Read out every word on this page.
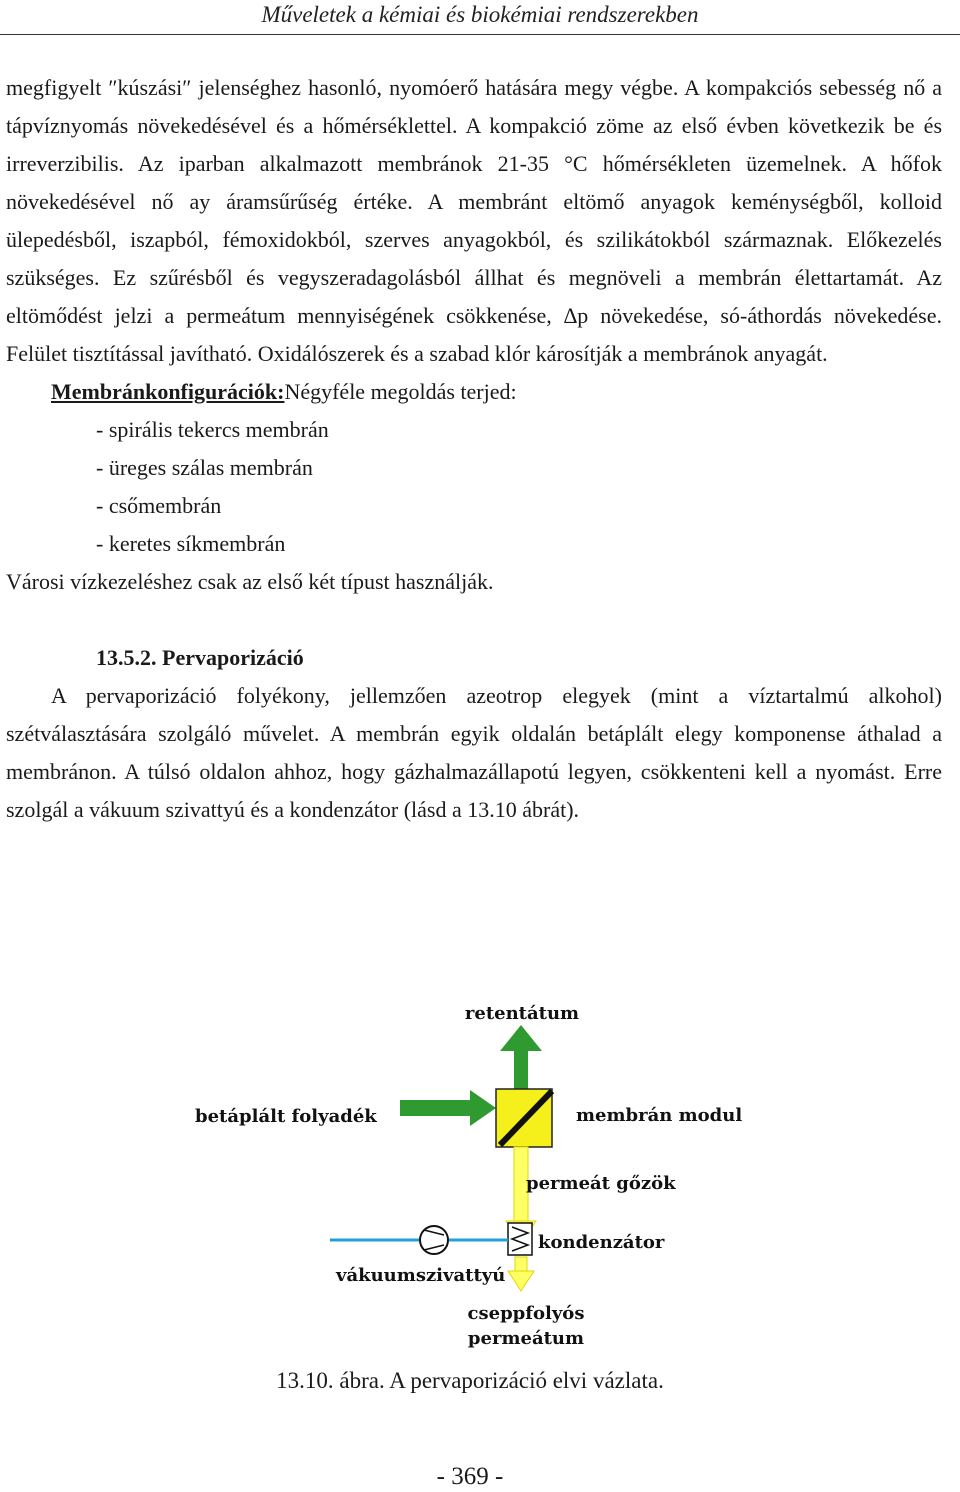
Műveletek a kémiai és biokémiai rendszerekben

megfigyelt ″kúszási″ jelenséghez hasonló, nyomóerő hatására megy végbe. A kompakciós sebesség nő a tápvíznyomás növekedésével és a hőmérséklettel. A kompakció zöme az első évben következik be és irreverzibilis. Az iparban alkalmazott membránok 21-35 °C hőmérsékleten üzemelnek. A hőfok növekedésével nő ay áramsűrűség értéke. A membránt eltömő anyagok keménységből, kolloid ülepedésből, iszapból, fémoxidokból, szerves anyagokból, és szilikátokból származnak. Előkezelés szükséges. Ez szűrésből és vegyszeradagolásból állhat és megnöveli a membrán élettartamát. Az eltömődést jelzi a permeátum mennyiségének csökkenése, ∆p növekedése, só-áthordás növekedése. Felület tisztítással javítható. Oxidálószerek és a szabad klór károsítják a membránok anyagát.

Membránkonfigurációk:Négyféle megoldás terjed:
- spirális tekercs membrán
- üreges szálas membrán
- csőmembrán
- keretes síkmembrán

Városi vízkezeléshez csak az első két típust használják.

13.5.2. Pervaporizáció

A pervaporizáció folyékony, jellemzően azeotrop elegyek (mint a víztartalmú alkohol) szétválasztására szolgáló művelet. A membrán egyik oldalán betáplált elegy komponense áthalad a membránon. A túlsó oldalon ahhoz, hogy gázhalmazállapotú legyen, csökkenteni kell a nyomást. Erre szolgál a vákuum szivattyú és a kondenzátor (lásd a 13.10 ábrát).

retentátum
betáplált folyadék	membrán modul
permeát gőzök
kondenzátor
vákuumszivattyú
cseppfolyós
permeátum
13.10. ábra. A pervaporizáció elvi vázlata.
- 369 -
